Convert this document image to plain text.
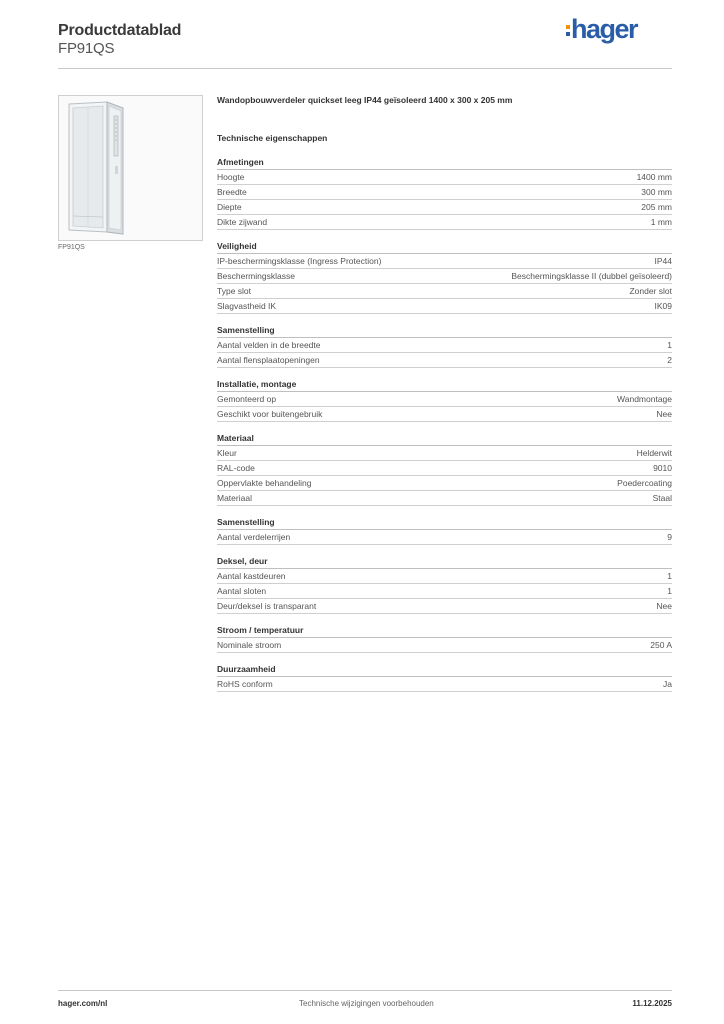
Productdatablad
FP91QS
hager
FP91QS
Wandopbouwverdeler quickset leeg IP44 geïsoleerd 1400 x 300 x 205 mm
Technische eigenschappen
Afmetingen
Hoogte	1400 mm
Breedte	300 mm
Diepte	205 mm
Dikte zijwand	1 mm
Veiligheid
IP-beschermingsklasse (Ingress Protection)	IP44
Beschermingsklasse	Beschermingsklasse II (dubbel geïsoleerd)
Type slot	Zonder slot
Slagvastheid IK	IK09
Samenstelling
Aantal velden in de breedte	1
Aantal flensplaatopeningen	2
Installatie, montage
Gemonteerd op	Wandmontage
Geschikt voor buitengebruik	Nee
Materiaal
Kleur	Helderwit
RAL-code	9010
Oppervlakte behandeling	Poedercoating
Materiaal	Staal
Samenstelling
Aantal verdelerrijen	9
Deksel, deur
Aantal kastdeuren	1
Aantal sloten	1
Deur/deksel is transparant	Nee
Stroom / temperatuur
Nominale stroom	250 A
Duurzaamheid
RoHS conform	Ja
hager.com/nl	Technische wijzigingen voorbehouden	11.12.2025
